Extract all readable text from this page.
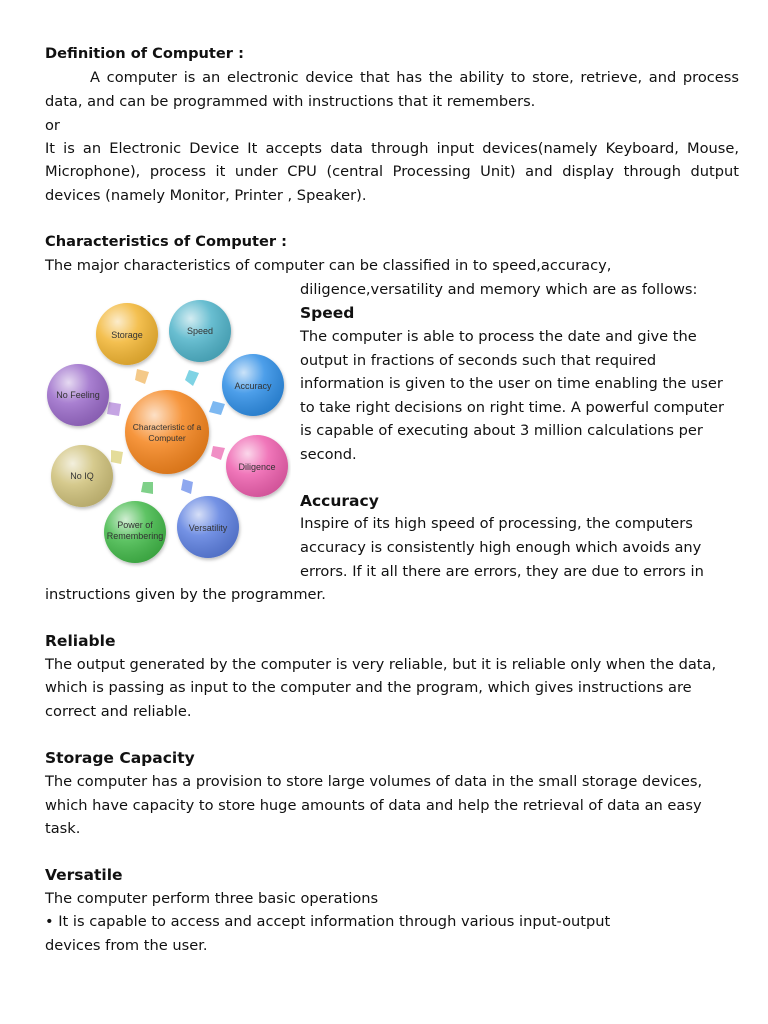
Definition of Computer :
A computer is an electronic device that has the ability to store, retrieve, and process
data, and can be programmed with instructions that it remembers.
or
It is an Electronic Device It accepts data through input devices(namely Keyboard, Mouse,
Microphone), process it under CPU (central Processing Unit) and display through dutput
devices (namely Monitor, Printer , Speaker).
Characteristics of Computer :
The major characteristics of computer can be classified in to speed,accuracy,
diligence,versatility and memory which are as follows:
Speed
The computer is able to process the date and give the
output in fractions of seconds such that required
information is given to the user on time enabling the user
to take right decisions on right time. A powerful computer
is capable of executing about 3 million calculations per
second.
Accuracy
Inspire of its high speed of processing, the computers
accuracy is consistently high enough which avoids any
errors. If it all there are errors, they are due to errors in
instructions given by the programmer.
Reliable
The output generated by the computer is very reliable, but it is reliable only when the data,
which is passing as input to the computer and the program, which gives instructions are
correct and reliable.
Storage Capacity
The computer has a provision to store large volumes of data in the small storage devices,
which have capacity to store huge amounts of data and help the retrieval of data an easy
task.
Versatile
The computer perform three basic operations
• It is capable to access and accept information through various input-output
devices from the user.
Characteristic of a
Computer
Storage	Speed
Accuracy
Diligence
Versatility
Power of
Remembering
No IQ
No Feeling
